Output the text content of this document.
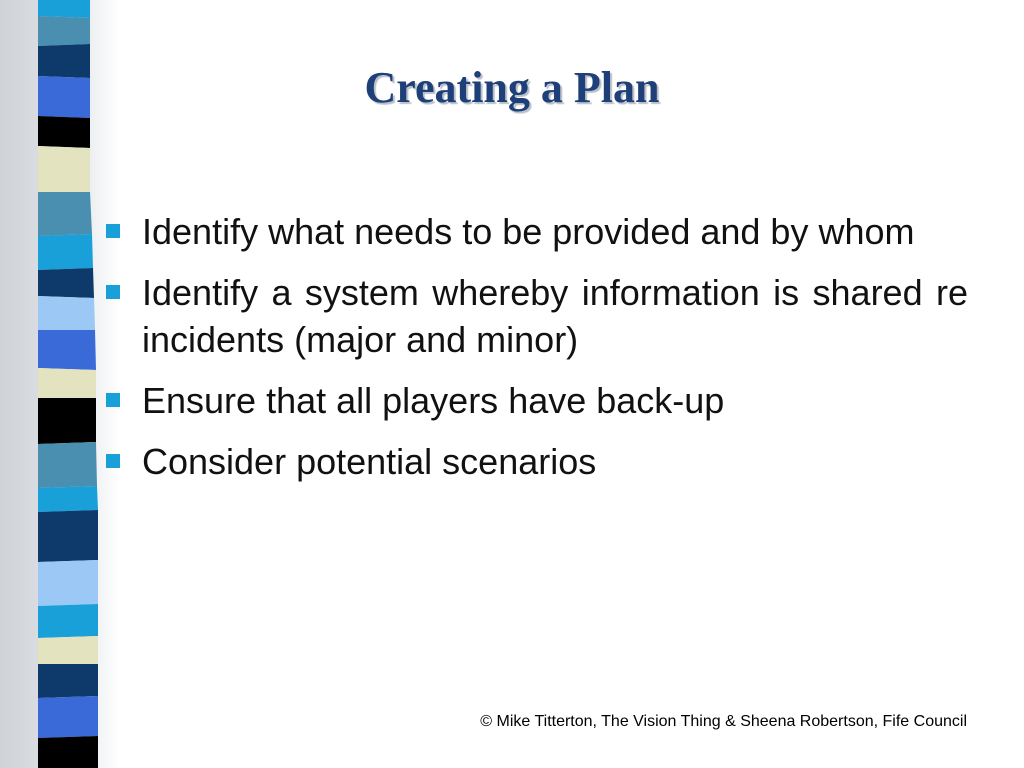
Creating a Plan
Identify what needs to be provided and by whom
Identify a system whereby information is shared re incidents (major and minor)
Ensure that all players have back-up
Consider potential scenarios
© Mike Titterton, The Vision Thing & Sheena Robertson, Fife Council
